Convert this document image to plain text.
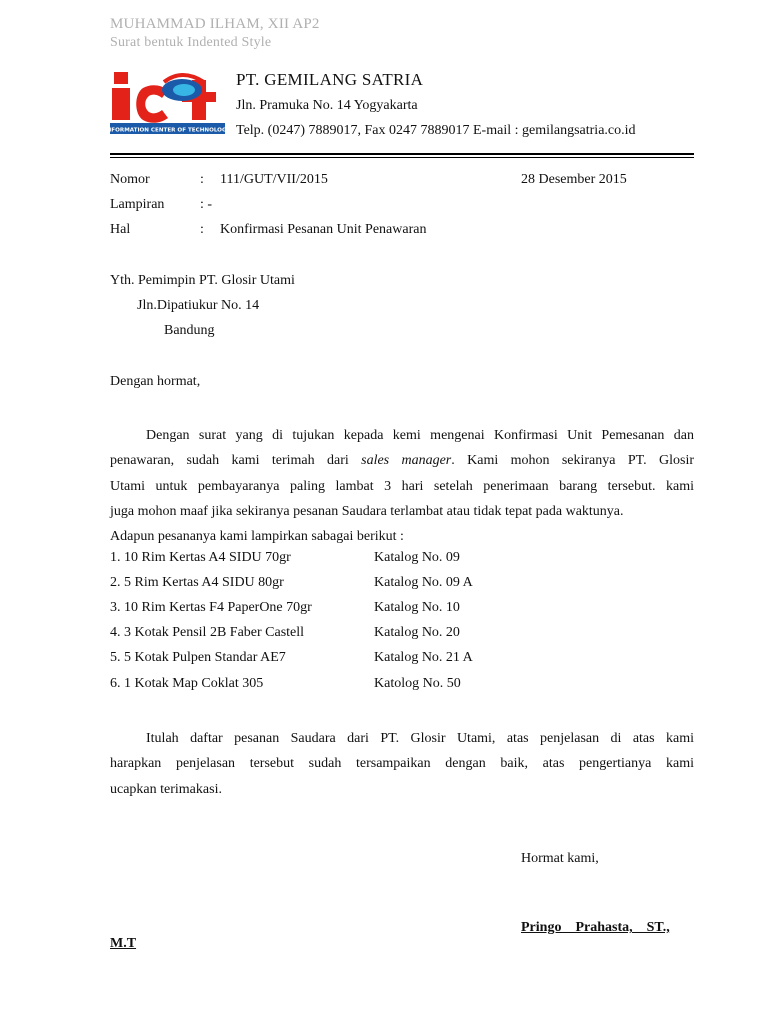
MUHAMMAD ILHAM, XII AP2
Surat bentuk Indented Style
INFORMATION CENTER OF TECHNOLOGY
PT. GEMILANG SATRIA
Jln. Pramuka No. 14 Yogyakarta
Telp. (0247) 7889017, Fax 0247 7889017 E-mail : gemilangsatria.co.id
Nomor	: 111/GUT/VII/2015	28 Desember 2015
Lampiran	: -
Hal	: Konfirmasi Pesanan Unit Penawaran
Yth. Pemimpin PT. Glosir Utami
Jln.Dipatiukur No. 14
Bandung
Dengan hormat,
Dengan surat yang di tujukan kepada kemi mengenai Konfirmasi Unit Pemesanan dan
penawaran, sudah kami terimah dari sales manager. Kami mohon sekiranya PT. Glosir
Utami untuk pembayaranya paling lambat 3 hari setelah penerimaan barang tersebut. kami
juga mohon maaf jika sekiranya pesanan Saudara terlambat atau tidak tepat pada waktunya.
Adapun pesananya kami lampirkan sabagai berikut :
1. 10 Rim Kertas A4 SIDU 70gr	Katalog No. 09
2. 5 Rim Kertas A4 SIDU 80gr	Katalog No. 09 A
3. 10 Rim Kertas F4 PaperOne 70gr	Katalog No. 10
4. 3 Kotak Pensil 2B Faber Castell	Katalog No. 20
5. 5 Kotak Pulpen Standar AE7	Katalog No. 21 A
6. 1 Kotak Map Coklat 305	Katolog No. 50
Itulah daftar pesanan Saudara dari PT. Glosir Utami, atas penjelasan di atas kami
harapkan penjelasan tersebut sudah tersampaikan dengan baik, atas pengertianya kami
ucapkan terimakasi.
Hormat kami,
Pringo    Prahasta,    ST.,
M.T
